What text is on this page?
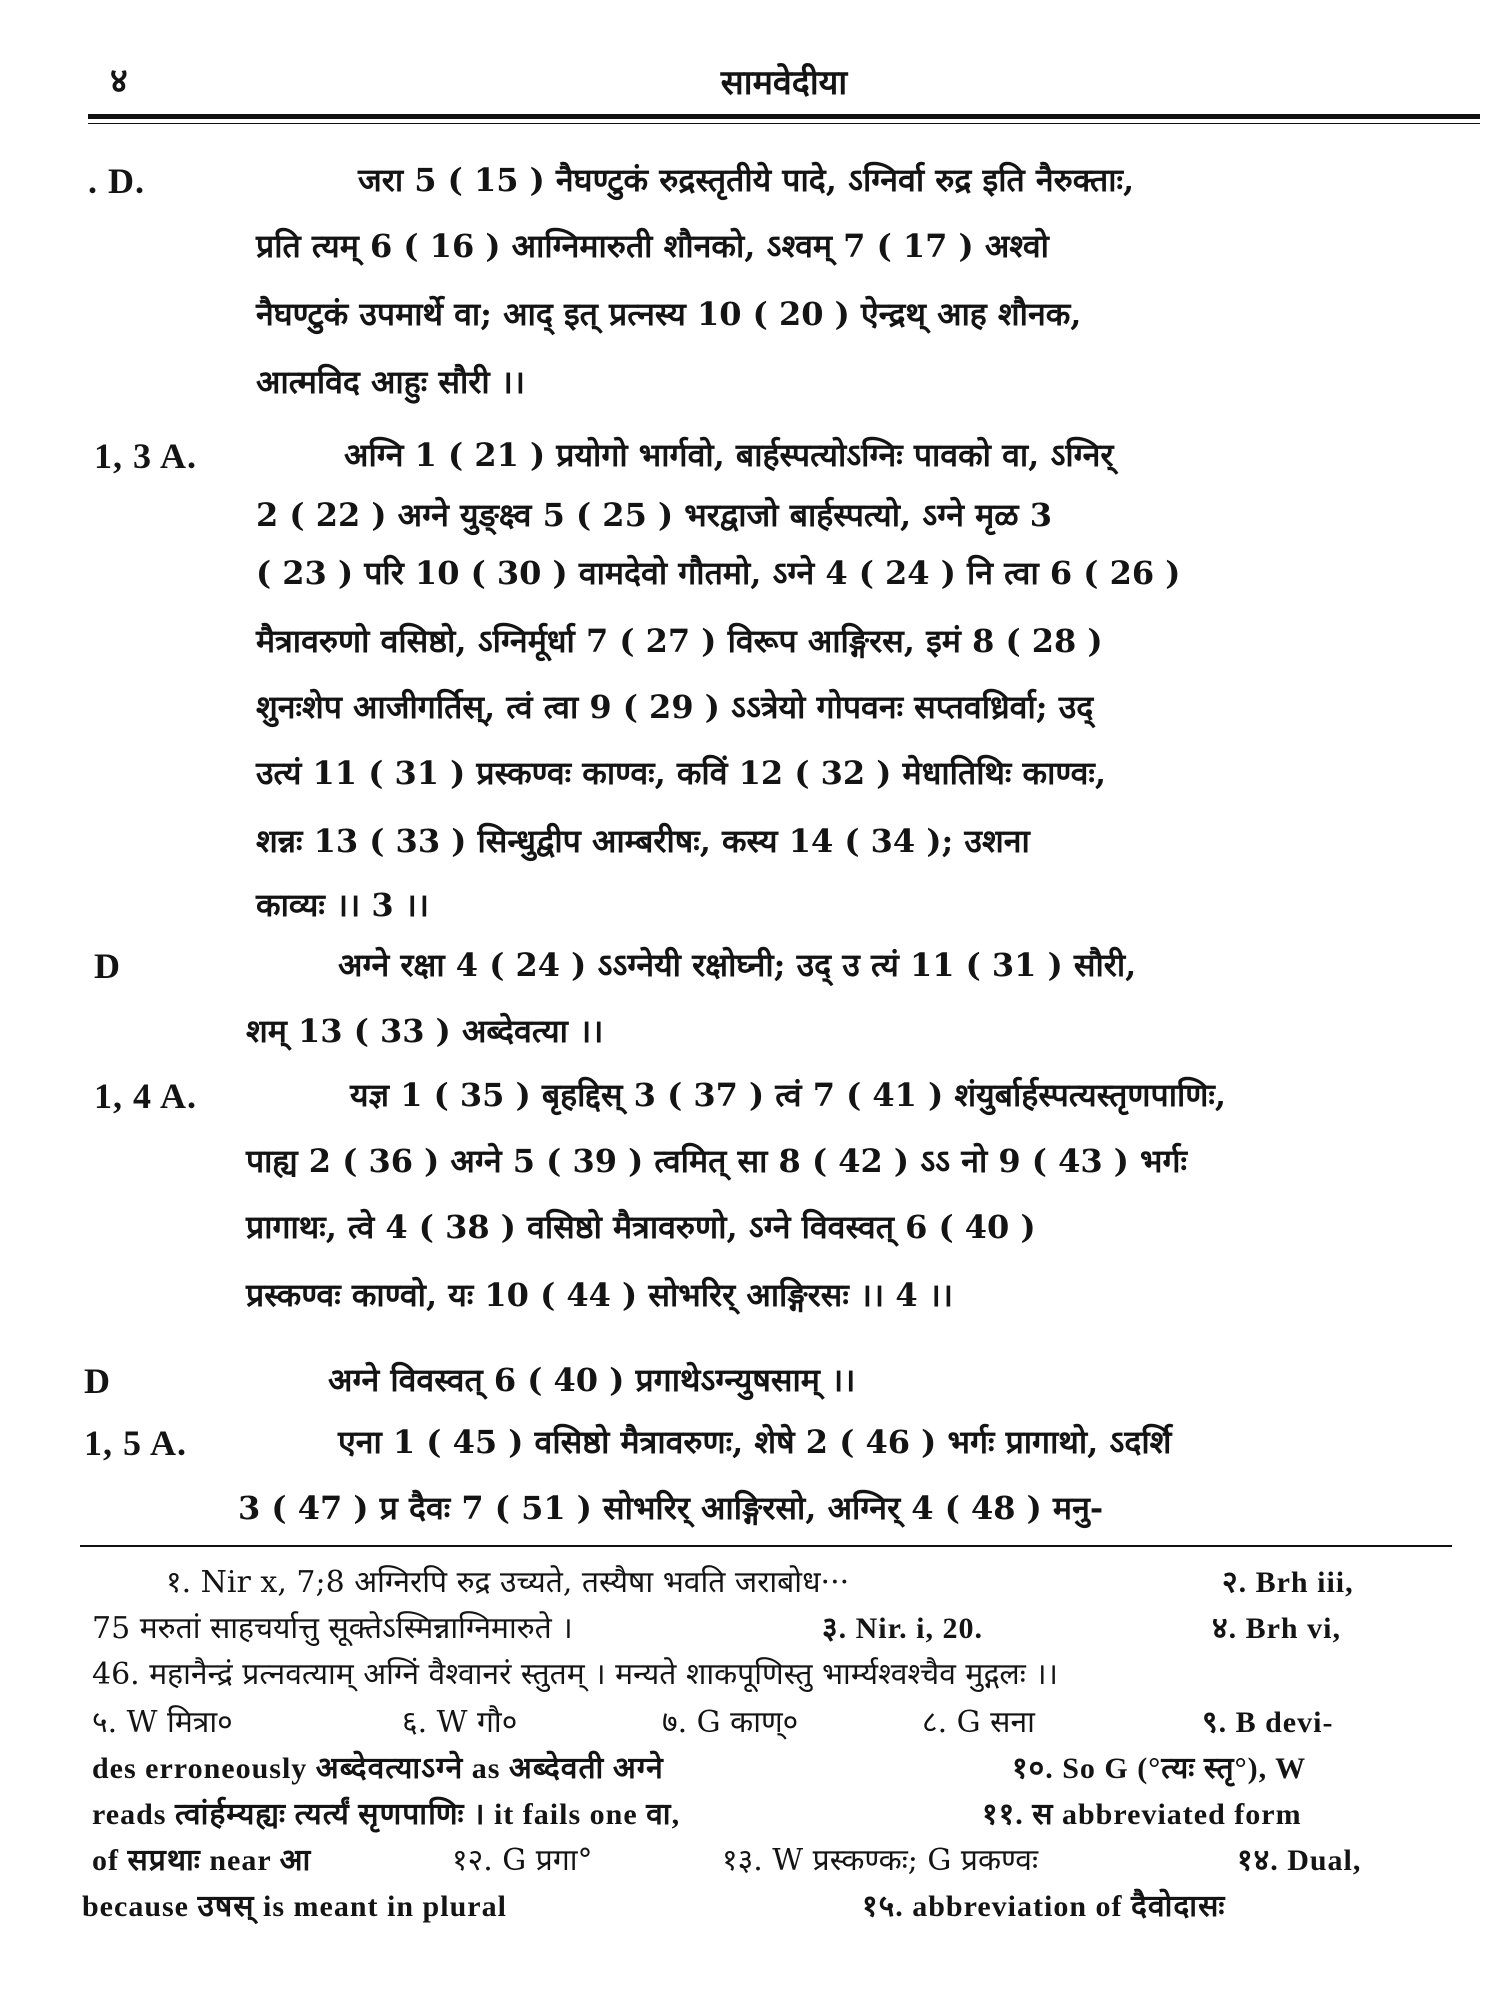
४	सामवेदीया
. D.	जरा 5 ( 15 ) नैघण्टुकं रुद्रस्तृतीये पादे, ऽग्निर्वा रुद्र इति नैरुक्ताः,
प्रति त्यम् 6 ( 16 ) आग्निमारुती शौनको, ऽश्वम् 7 ( 17 ) अश्वो
नैघण्टुकं उपमार्थे वा; आद् इत् प्रत्नस्य 10 ( 20 ) ऐन्द्रथ् आह शौनक,
आत्मविद आहुः सौरी ।।
1, 3 A.	अग्नि 1 ( 21 ) प्रयोगो भार्गवो, बार्हस्पत्योऽग्निः पावको वा, ऽग्निर्
2 ( 22 ) अग्ने युङ्क्ष्व 5 ( 25 ) भरद्वाजो बार्हस्पत्यो, ऽग्ने मृळ 3
( 23 ) परि 10 ( 30 ) वामदेवो गौतमो, ऽग्ने 4 ( 24 ) नि त्वा 6 ( 26 )
मैत्रावरुणो वसिष्ठो, ऽग्निर्मूर्धा 7 ( 27 ) विरूप आङ्गिरस, इमं 8 ( 28 )
शुनःशेप आजीगर्तिस्, त्वं त्वा 9 ( 29 ) ऽऽत्रेयो गोपवनः सप्तवध्रिर्वा; उद्
उत्यं 11 ( 31 ) प्रस्कण्वः काण्वः, कविं 12 ( 32 ) मेधातिथिः काण्वः,
शन्नः 13 ( 33 ) सिन्धुद्वीप आम्बरीषः, कस्य 14 ( 34 ); उशना
काव्यः ।। 3 ।।
D	अग्ने रक्षा 4 ( 24 ) ऽऽग्नेयी रक्षोघ्नी; उद् उ त्यं 11 ( 31 ) सौरी,
शम् 13 ( 33 ) अब्देवत्या ।।
1, 4 A.	यज्ञ 1 ( 35 ) बृहद्दिस् 3 ( 37 ) त्वं 7 ( 41 ) शंयुर्बार्हस्पत्यस्तृणपाणिः,
पाह्य 2 ( 36 ) अग्ने 5 ( 39 ) त्वमित् सा 8 ( 42 ) ऽऽ नो 9 ( 43 ) भर्गः
प्रागाथः, त्वे 4 ( 38 ) वसिष्ठो मैत्रावरुणो, ऽग्ने विवस्वत् 6 ( 40 )
प्रस्कण्वः काण्वो, यः 10 ( 44 ) सोभरिर् आङ्गिरसः ।। 4 ।।
D	अग्ने विवस्वत् 6 ( 40 ) प्रगाथेऽग्न्युषसाम् ।।
1, 5 A.	एना 1 ( 45 ) वसिष्ठो मैत्रावरुणः, शेषे 2 ( 46 ) भर्गः प्रागाथो, ऽदर्शि
3 ( 47 ) प्र दैवः 7 ( 51 ) सोभरिर् आङ्गिरसो, अग्निर् 4 ( 48 ) मनु-
१. Nir x, 7;8 अग्निरपि रुद्र उच्यते, तस्यैषा भवति जराबोध···	२. Brh iii,
75 मरुतां साहचर्यात्तु सूक्तेऽस्मिन्नाग्निमारुते ।	३. Nir. i, 20.	४. Brh vi,
46. महानैन्द्रं प्रत्नवत्याम् अग्निं वैश्वानरं स्तुतम् । मन्यते शाकपूणिस्तु भार्म्यश्वश्चैव मुद्गलः ।।
५. W मित्रा०	६. W गौ०	७. G काण्०	८. G सना	९. B devi-
des erroneously अब्देवत्याऽग्ने as अब्देवती अग्ने	१०. So G (°त्यः स्तृ°), W
reads त्वांर्हम्यह्यः त्यर्त्यं सृणपाणिः । it fails one वा,	११. स abbreviated form
of सप्रथाः near आ	१२. G प्रगा°	१३. W प्रस्कण्कः; G प्रकण्वः	१४. Dual,
because उषस् is meant in plural	१५. abbreviation of दैवोदासः
